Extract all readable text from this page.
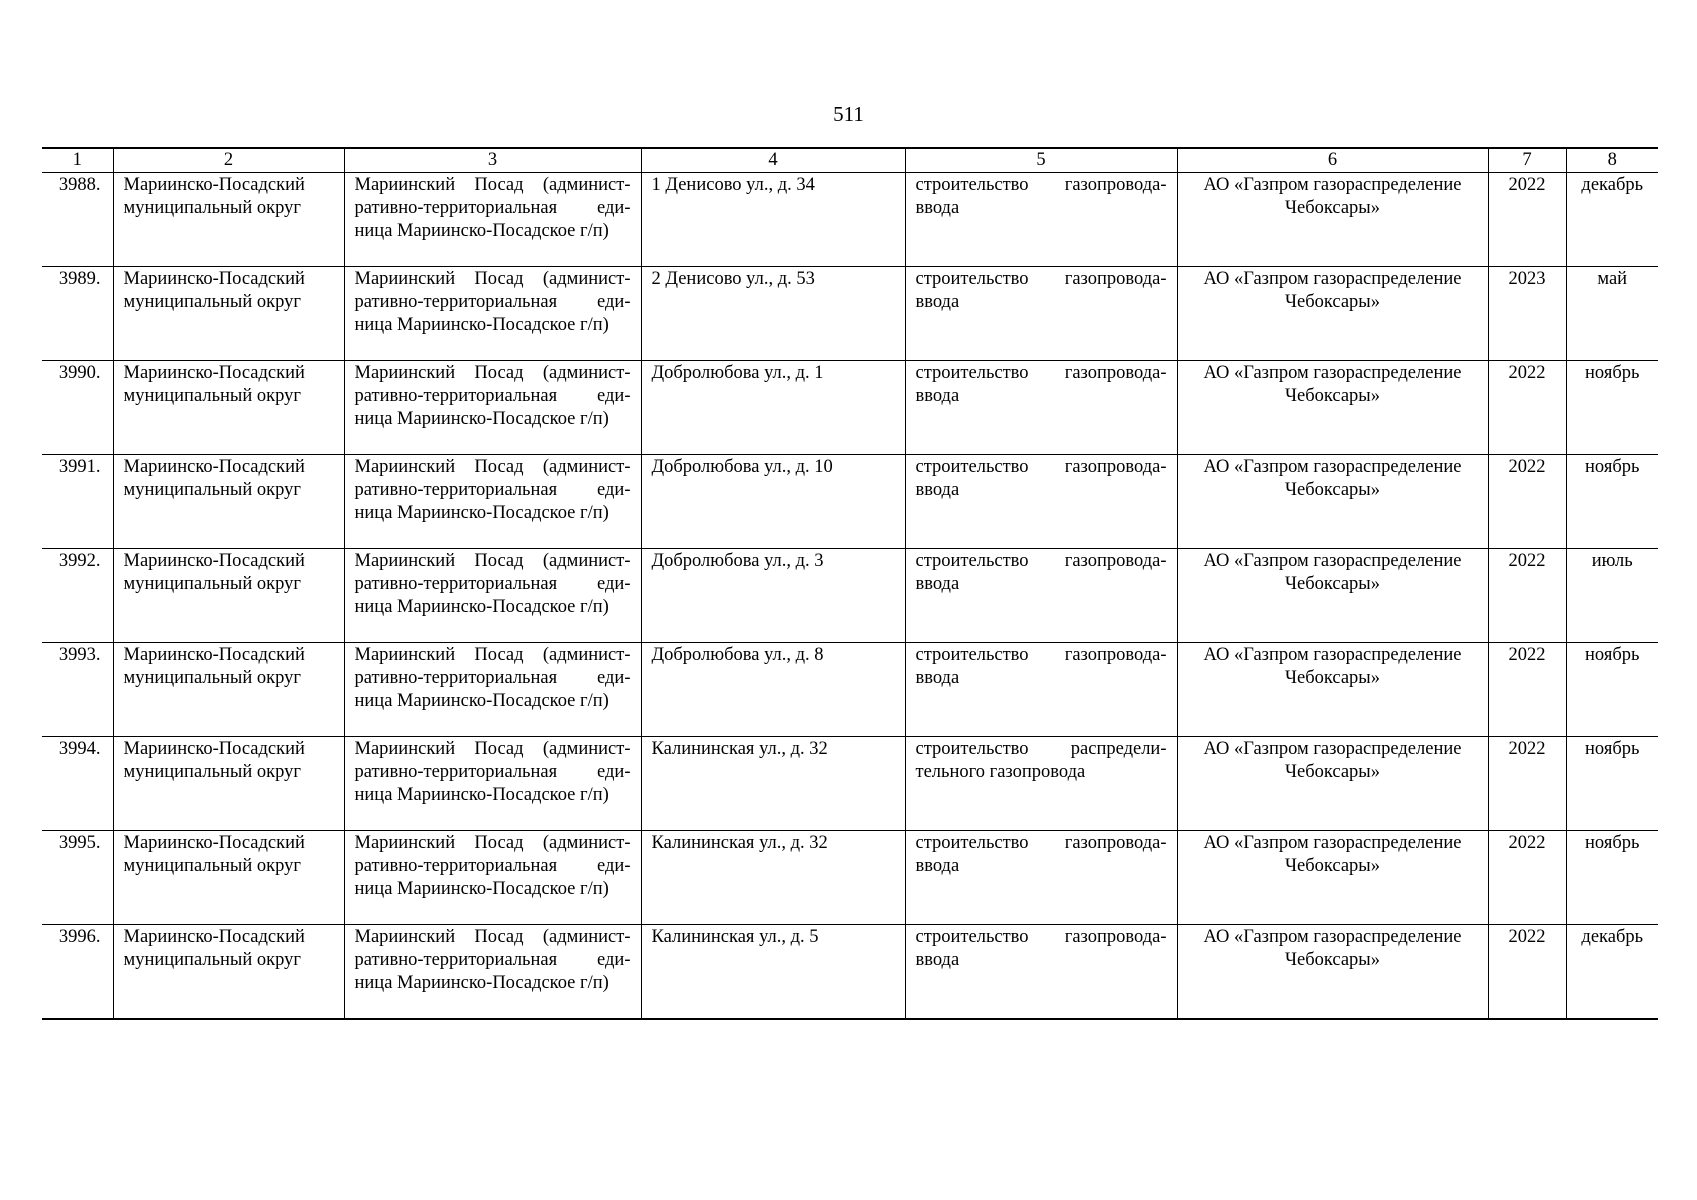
511
1	2	3	4	5	6	7	8
3988.	Мариинско-Посадский муниципальный округ	Мариинский Посад (админист-ративно-территориальная еди-ница Мариинско-Посадское г/п)	1 Денисово ул., д. 34	строительство газопровода-ввода	АО «Газпром газораспределение Чебоксары»	2022	декабрь
3989.	Мариинско-Посадский муниципальный округ	Мариинский Посад (админист-ративно-территориальная еди-ница Мариинско-Посадское г/п)	2 Денисово ул., д. 53	строительство газопровода-ввода	АО «Газпром газораспределение Чебоксары»	2023	май
3990.	Мариинско-Посадский муниципальный округ	Мариинский Посад (админист-ративно-территориальная еди-ница Мариинско-Посадское г/п)	Добролюбова ул., д. 1	строительство газопровода-ввода	АО «Газпром газораспределение Чебоксары»	2022	ноябрь
3991.	Мариинско-Посадский муниципальный округ	Мариинский Посад (админист-ративно-территориальная еди-ница Мариинско-Посадское г/п)	Добролюбова ул., д. 10	строительство газопровода-ввода	АО «Газпром газораспределение Чебоксары»	2022	ноябрь
3992.	Мариинско-Посадский муниципальный округ	Мариинский Посад (админист-ративно-территориальная еди-ница Мариинско-Посадское г/п)	Добролюбова ул., д. 3	строительство газопровода-ввода	АО «Газпром газораспределение Чебоксары»	2022	июль
3993.	Мариинско-Посадский муниципальный округ	Мариинский Посад (админист-ративно-территориальная еди-ница Мариинско-Посадское г/п)	Добролюбова ул., д. 8	строительство газопровода-ввода	АО «Газпром газораспределение Чебоксары»	2022	ноябрь
3994.	Мариинско-Посадский муниципальный округ	Мариинский Посад (админист-ративно-территориальная еди-ница Мариинско-Посадское г/п)	Калининская ул., д. 32	строительство распредели-тельного газопровода	АО «Газпром газораспределение Чебоксары»	2022	ноябрь
3995.	Мариинско-Посадский муниципальный округ	Мариинский Посад (админист-ративно-территориальная еди-ница Мариинско-Посадское г/п)	Калининская ул., д. 32	строительство газопровода-ввода	АО «Газпром газораспределение Чебоксары»	2022	ноябрь
3996.	Мариинско-Посадский муниципальный округ	Мариинский Посад (админист-ративно-территориальная еди-ница Мариинско-Посадское г/п)	Калининская ул., д. 5	строительство газопровода-ввода	АО «Газпром газораспределение Чебоксары»	2022	декабрь
